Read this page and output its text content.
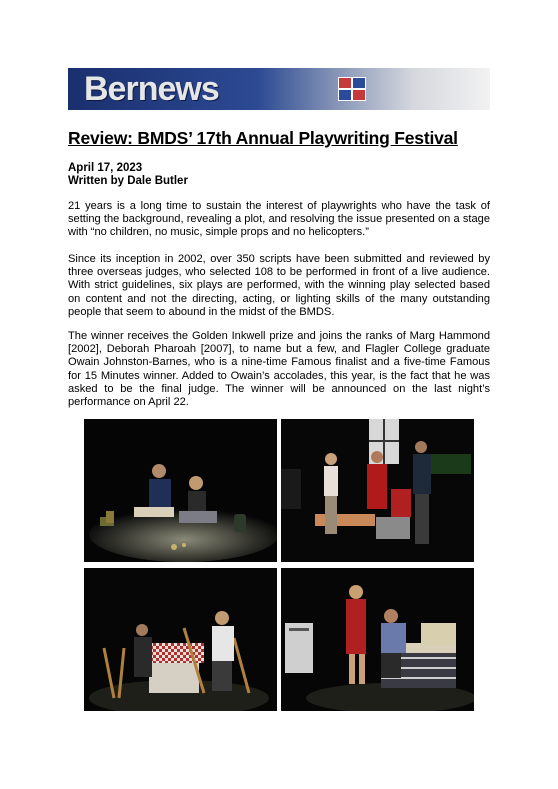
Bernews
Review: BMDS’ 17th Annual Playwriting Festival
April 17, 2023
Written by Dale Butler

21 years is a long time to sustain the interest of playwrights who have the task of setting the background, revealing a plot, and resolving the issue presented on a stage with “no children, no music, simple props and no helicopters.”

Since its inception in 2002, over 350 scripts have been submitted and reviewed by three overseas judges, who selected 108 to be performed in front of a live audience. With strict guidelines, six plays are performed, with the winning play selected based on content and not the directing, acting, or lighting skills of the many outstanding people that seem to abound in the midst of the BMDS.

The winner receives the Golden Inkwell prize and joins the ranks of Marg Hammond [2002], Deborah Pharoah [2007], to name but a few, and Flagler College graduate Owain Johnston-Barnes, who is a nine-time Famous finalist and a five-time Famous for 15 Minutes winner. Added to Owain’s accolades, this year, is the fact that he was asked to be the final judge. The winner will be announced on the last night’s performance on April 22.
